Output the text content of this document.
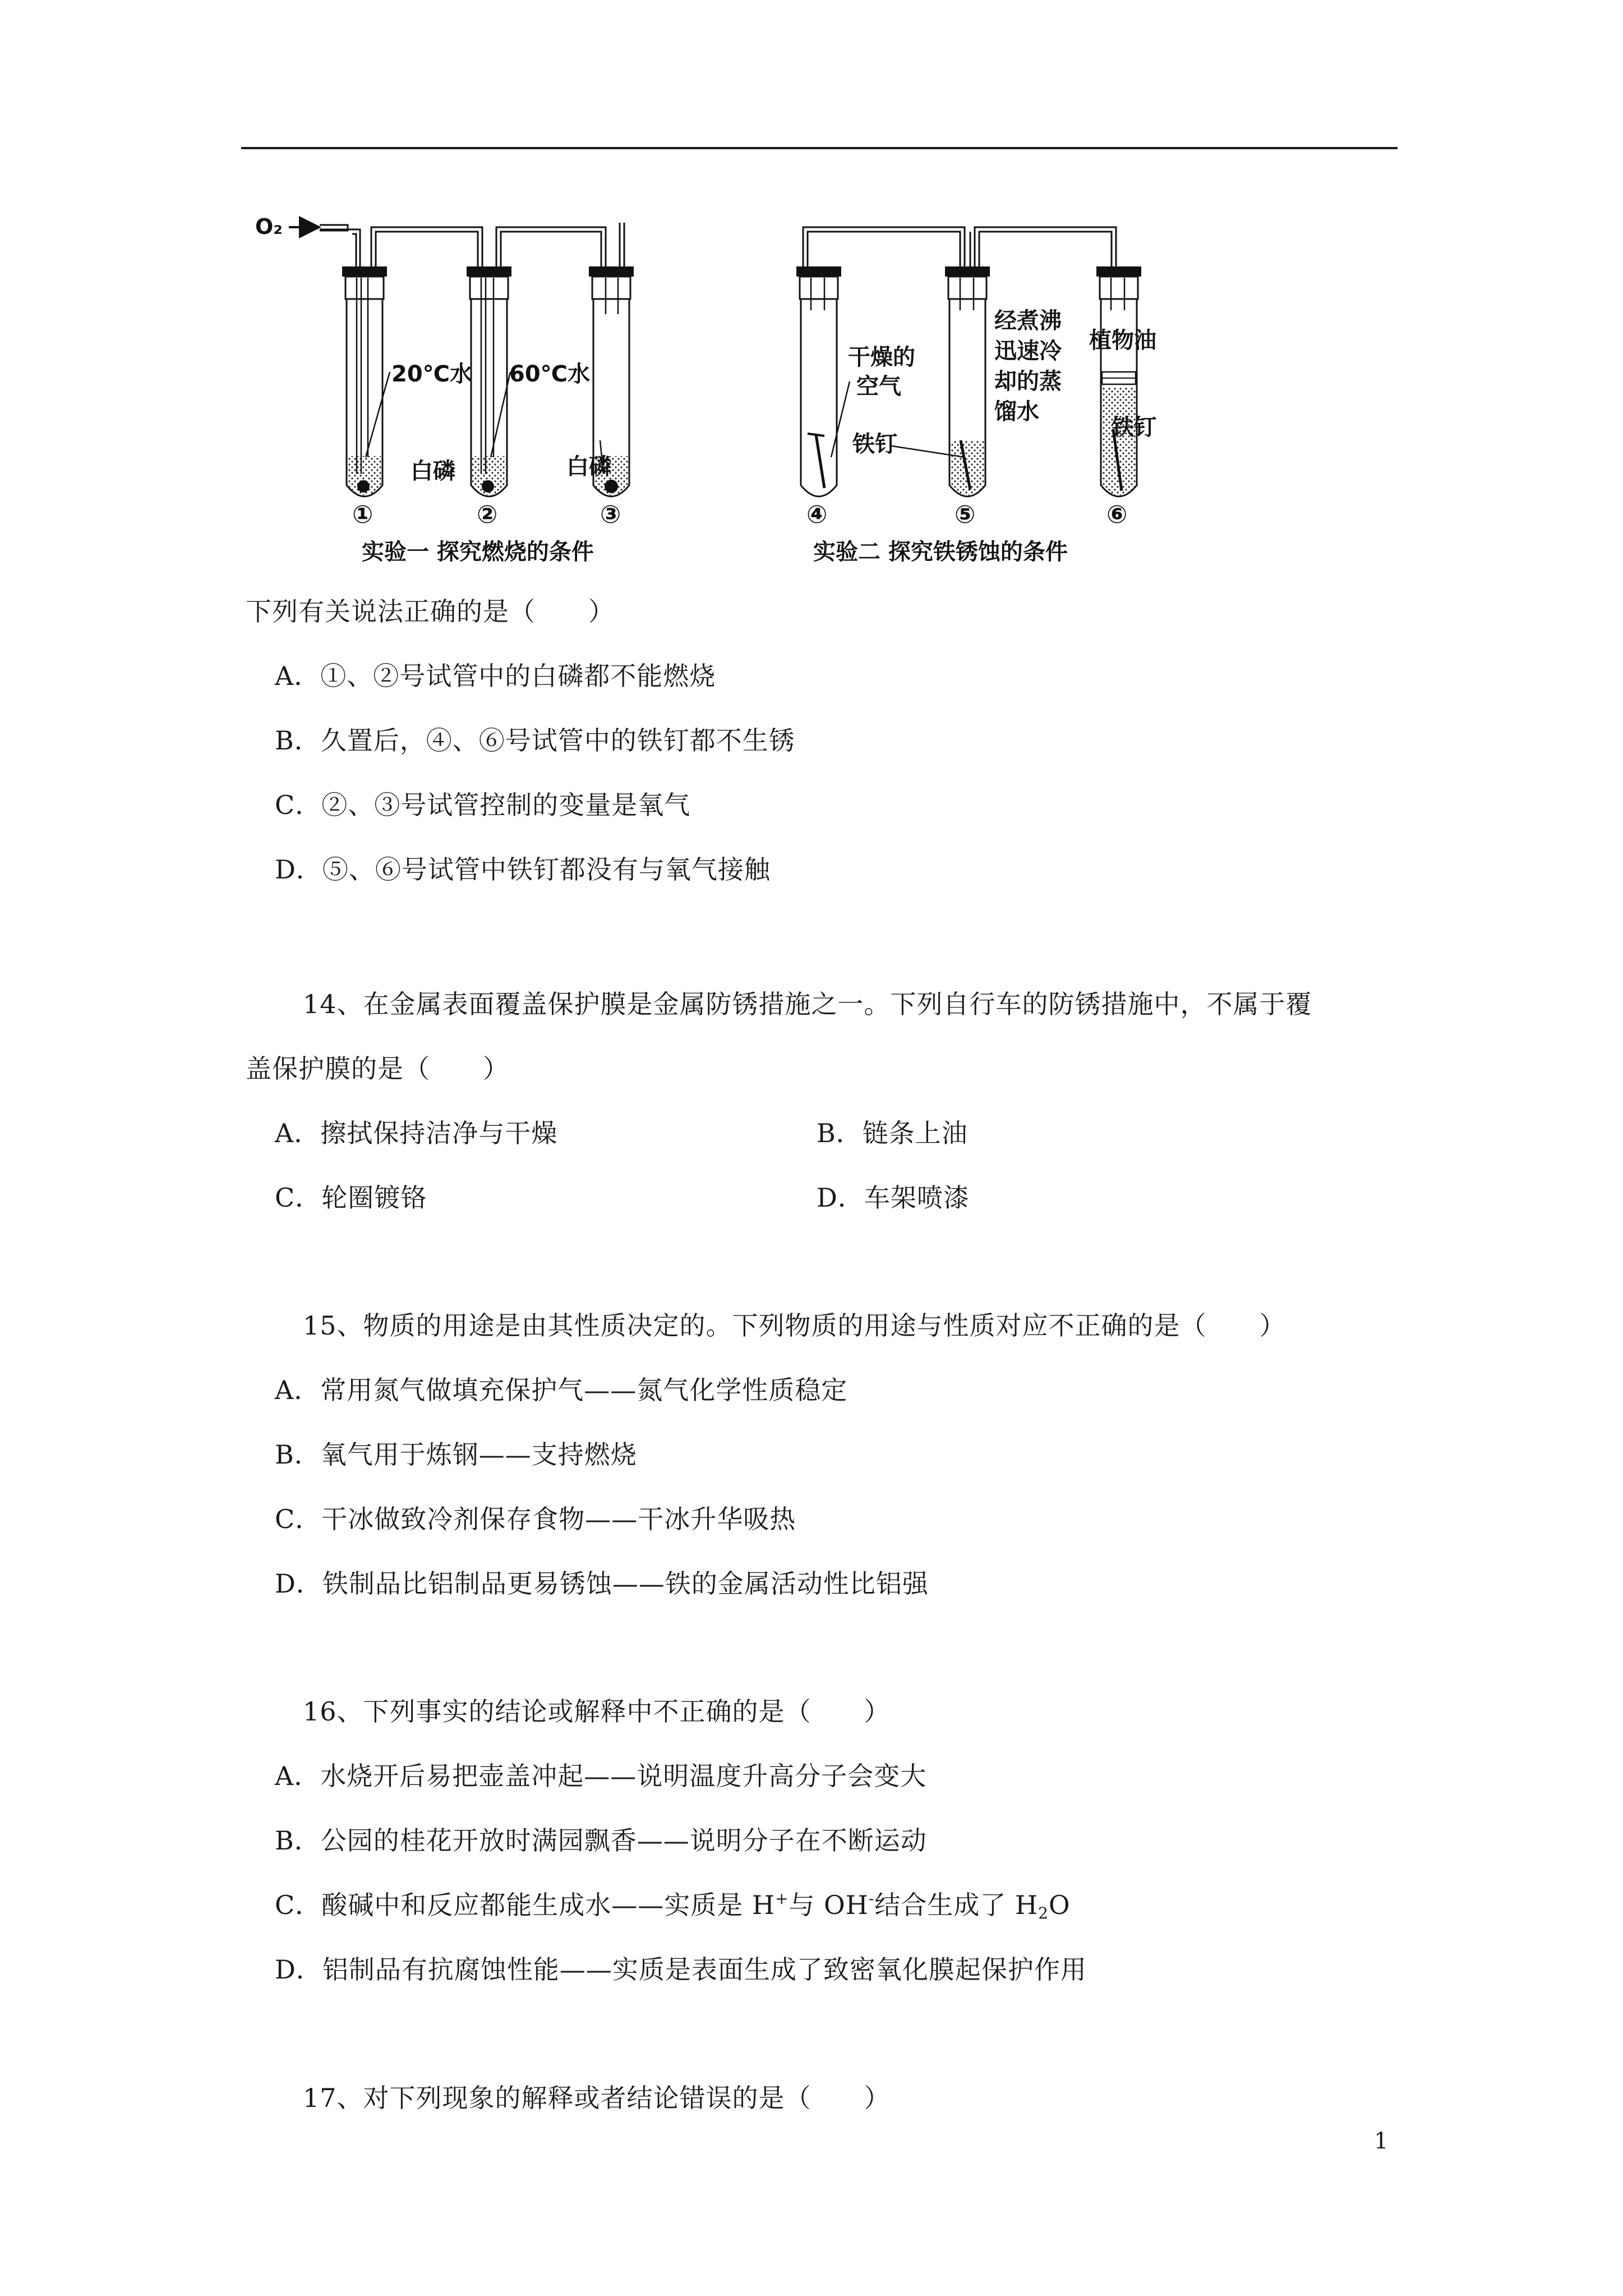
20℃水 60℃水
白磷	白磷
O₂
①	②	③
实验一 探究燃烧的条件
干燥的
空气
铁钉
经煮沸
迅速冷
却的蒸
馏水
植物油
铁钉
④	⑤	⑥
实验二 探究铁锈蚀的条件
下列有关说法正确的是（　　）
A．①、②号试管中的白磷都不能燃烧
B．久置后，④、⑥号试管中的铁钉都不生锈
C．②、③号试管控制的变量是氧气
D．⑤、⑥号试管中铁钉都没有与氧气接触
14、在金属表面覆盖保护膜是金属防锈措施之一。下列自行车的防锈措施中，不属于覆
盖保护膜的是（　　）
A．擦拭保持洁净与干燥	B．链条上油
C．轮圈镀铬	D．车架喷漆
15、物质的用途是由其性质决定的。下列物质的用途与性质对应不正确的是（　　）
A．常用氮气做填充保护气——氮气化学性质稳定
B．氧气用于炼钢——支持燃烧
C．干冰做致冷剂保存食物——干冰升华吸热
D．铁制品比铝制品更易锈蚀——铁的金属活动性比铝强
16、下列事实的结论或解释中不正确的是（　　）
A．水烧开后易把壶盖冲起——说明温度升高分子会变大
B．公园的桂花开放时满园飘香——说明分子在不断运动
C．酸碱中和反应都能生成水——实质是 H+与 OH-结合生成了 $H_2O$
D．铝制品有抗腐蚀性能——实质是表面生成了致密氧化膜起保护作用
17、对下列现象的解释或者结论错误的是（　　）
1
